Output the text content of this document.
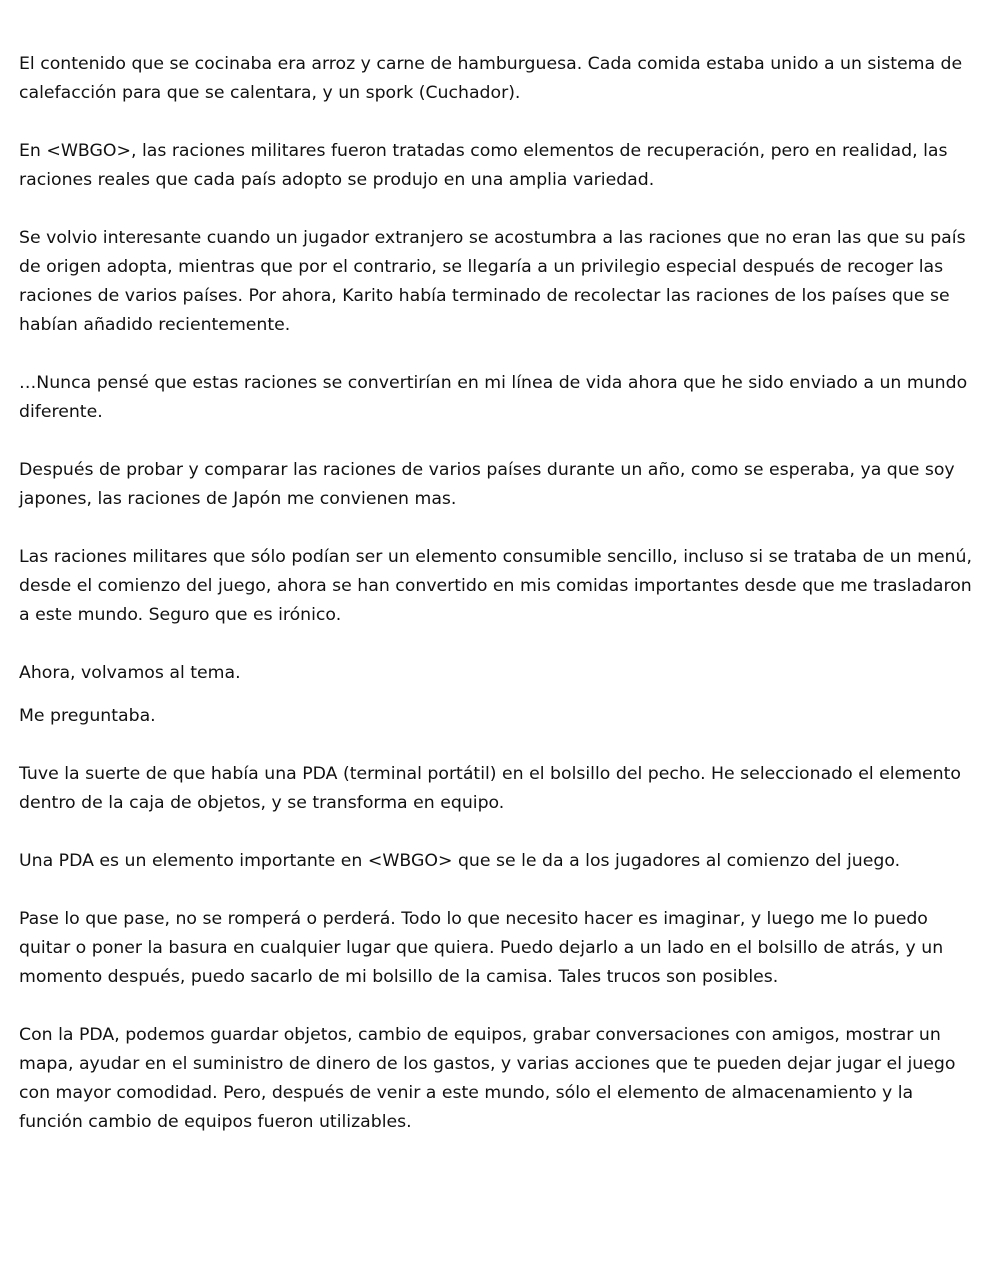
El contenido que se cocinaba era arroz y carne de hamburguesa. Cada comida estaba unido a un sistema de calefacción para que se calentara, y un spork (Cuchador).

En <WBGO>, las raciones militares fueron tratadas como elementos de recuperación, pero en realidad, las raciones reales que cada país adopto se produjo en una amplia variedad.

Se volvio interesante cuando un jugador extranjero se acostumbra a las raciones que no eran las que su país de origen adopta, mientras que por el contrario, se llegaría a un privilegio especial después de recoger las raciones de varios países. Por ahora, Karito había terminado de recolectar las raciones de los países que se habían añadido recientemente.

…Nunca pensé que estas raciones se convertirían en mi línea de vida ahora que he sido enviado a un mundo diferente.

Después de probar y comparar las raciones de varios países durante un año, como se esperaba, ya que soy japones, las raciones de Japón me convienen mas.

Las raciones militares que sólo podían ser un elemento consumible sencillo, incluso si se trataba de un menú, desde el comienzo del juego, ahora se han convertido en mis comidas importantes desde que me trasladaron a este mundo. Seguro que es irónico.

Ahora, volvamos al tema.

Me preguntaba.

Tuve la suerte de que había una PDA (terminal portátil) en el bolsillo del pecho. He seleccionado el elemento dentro de la caja de objetos, y se transforma en equipo.

Una PDA es un elemento importante en <WBGO> que se le da a los jugadores al comienzo del juego.

Pase lo que pase, no se romperá o perderá. Todo lo que necesito hacer es imaginar, y luego me lo puedo quitar o poner la basura en cualquier lugar que quiera. Puedo dejarlo a un lado en el bolsillo de atrás, y un momento después, puedo sacarlo de mi bolsillo de la camisa. Tales trucos son posibles.

Con la PDA, podemos guardar objetos, cambio de equipos, grabar conversaciones con amigos, mostrar un mapa, ayudar en el suministro de dinero de los gastos, y varias acciones que te pueden dejar jugar el juego con mayor comodidad. Pero, después de venir a este mundo, sólo el elemento de almacenamiento y la función cambio de equipos fueron utilizables.
